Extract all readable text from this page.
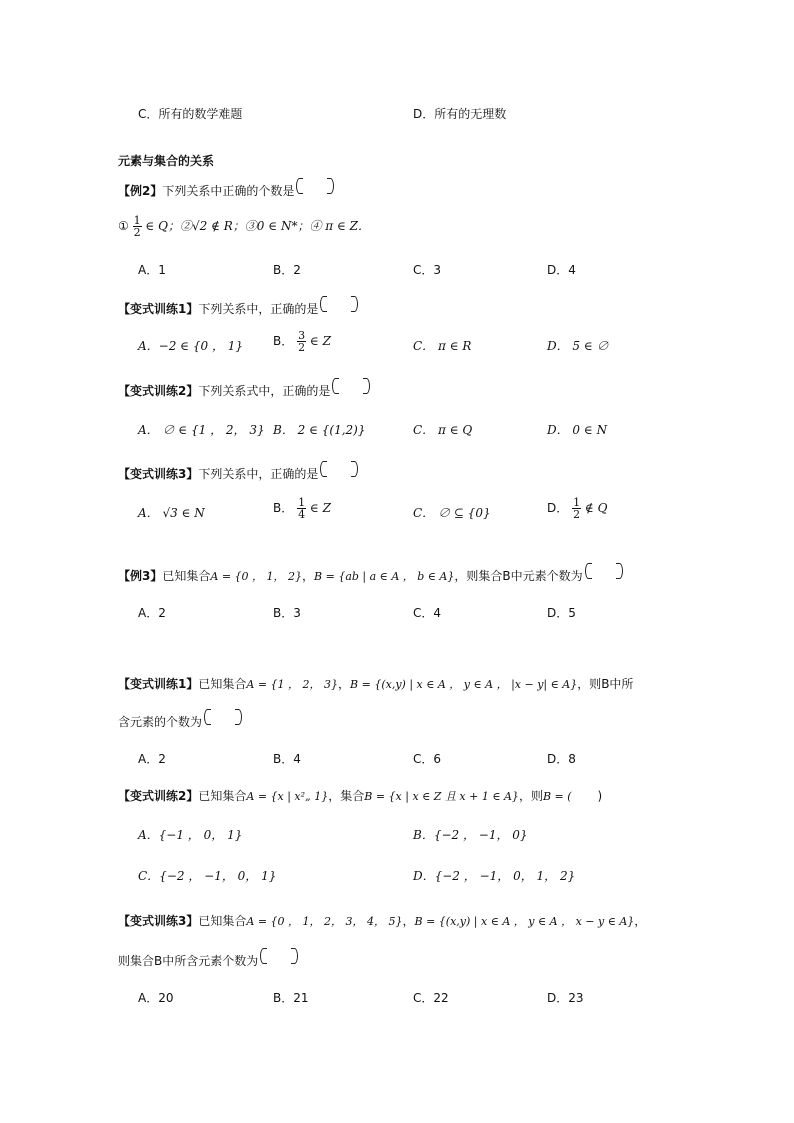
C．所有的数学难题	D．所有的无理数
元素与集合的关系
【例2】下列关系中正确的个数是
① $\frac{1}{2}$ ∈ Q；②√2 ∉ R；③0 ∈ N*；④ π ∈ Z．
A．1	B．2	C．3	D．4
【变式训练1】下列关系中，正确的是
A．−2 ∈ {0 ， 1} B． $\frac{3}{2}$ ∈ Z	C． π ∈ R	D． 5 ∈ ∅
【变式训练2】下列关系式中，正确的是
A． ∅ ∈ {1 ， 2， 3} B． 2 ∈ {(1,2)}	C． π ∈ Q	D． 0 ∈ N
【变式训练3】下列关系中，正确的是
A． √3 ∈ N	B． $\frac{1}{4}$ ∈ Z	C． ∅ ⊆ {0}	D． $\frac{1}{2}$ ∉ Q
【例3】已知集合A = {0 ， 1， 2}，B = {ab | a ∈ A ， b ∈ A}，则集合B中元素个数为
A．2	B．3	C．4	D．5
【变式训练1】已知集合A = {1 ， 2， 3}，B = {(x,y) | x ∈ A ， y ∈ A ， |x − y| ∈ A}，则B中所
含元素的个数为
A．2	B．4	C．6	D．8
【变式训练2】已知集合A = {x | x²„ 1}，集合B = {x | x ∈ Z 且 x + 1 ∈ A}，则B = ( )
A．{−1 ， 0， 1}	B．{−2 ， −1， 0}
C．{−2 ， −1， 0， 1}	D．{−2 ， −1， 0， 1， 2}
【变式训练3】已知集合A = {0 ， 1， 2， 3， 4， 5}，B = {(x,y) | x ∈ A ， y ∈ A ， x − y ∈ A}，
则集合B中所含元素个数为
A．20	B．21	C．22	D．23
